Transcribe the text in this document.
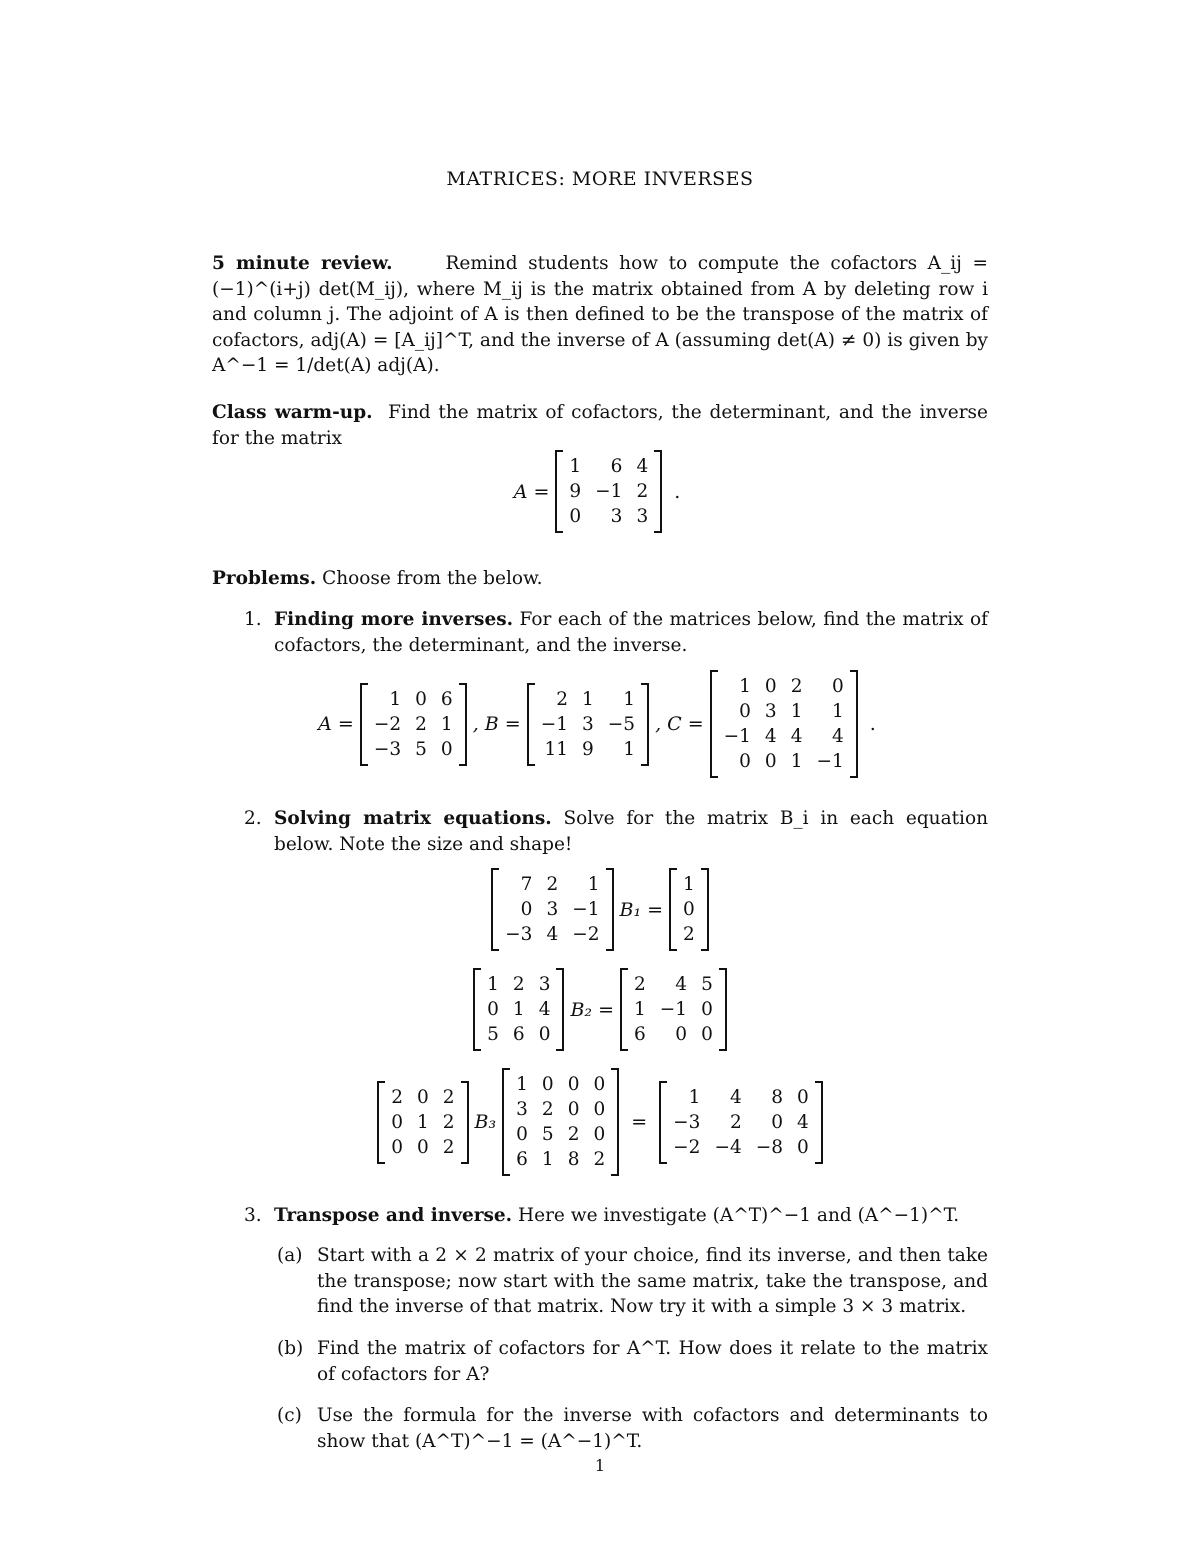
MATRICES: MORE INVERSES
5 minute review.	Remind students how to compute the cofactors A_ij = (−1)^(i+j) det(M_ij), where M_ij is the matrix obtained from A by deleting row i and column j. The adjoint of A is then defined to be the transpose of the matrix of cofactors, adj(A) = [A_ij]^T, and the inverse of A (assuming det(A) ≠ 0) is given by A^−1 = 1/det(A) adj(A).
Class warm-up. Find the matrix of cofactors, the determinant, and the inverse for the matrix
A =
1	6 4
9 −1 2
0	3 3
.
Problems. Choose from the below.
1. Finding more inverses. For each of the matrices below, find the matrix of cofactors, the determinant, and the inverse.
A =
1 0 6
−2 2 1
−3 5 0
, B =
2 1	1
−1 3 −5
11 9	1
, C =
1 0 2	0
0 3 1	1
−1 4 4	4
0 0 1 −1
.
2. Solving matrix equations. Solve for the matrix B_i in each equation below. Note the size and shape!
7 2	1
0 3 −1
−3 4 −2
B₁ =
1
0
2
1 2 3
0 1 4
5 6 0
B₂ =
2	4 5
1 −1 0
6	0 0
2 0 2
0 1 2
0 0 2
B₃
1 0 0 0
3 2 0 0
0 5 2 0
6 1 8 2
=
1	4	8 0
−3	2	0 4
−2 −4 −8 0
3. Transpose and inverse. Here we investigate (A^T)^−1 and (A^−1)^T.
(a) Start with a 2 × 2 matrix of your choice, find its inverse, and then take the transpose; now start with the same matrix, take the transpose, and find the inverse of that matrix. Now try it with a simple 3 × 3 matrix.
(b) Find the matrix of cofactors for A^T. How does it relate to the matrix of cofactors for A?
(c) Use the formula for the inverse with cofactors and determinants to show that (A^T)^−1 = (A^−1)^T.
1
